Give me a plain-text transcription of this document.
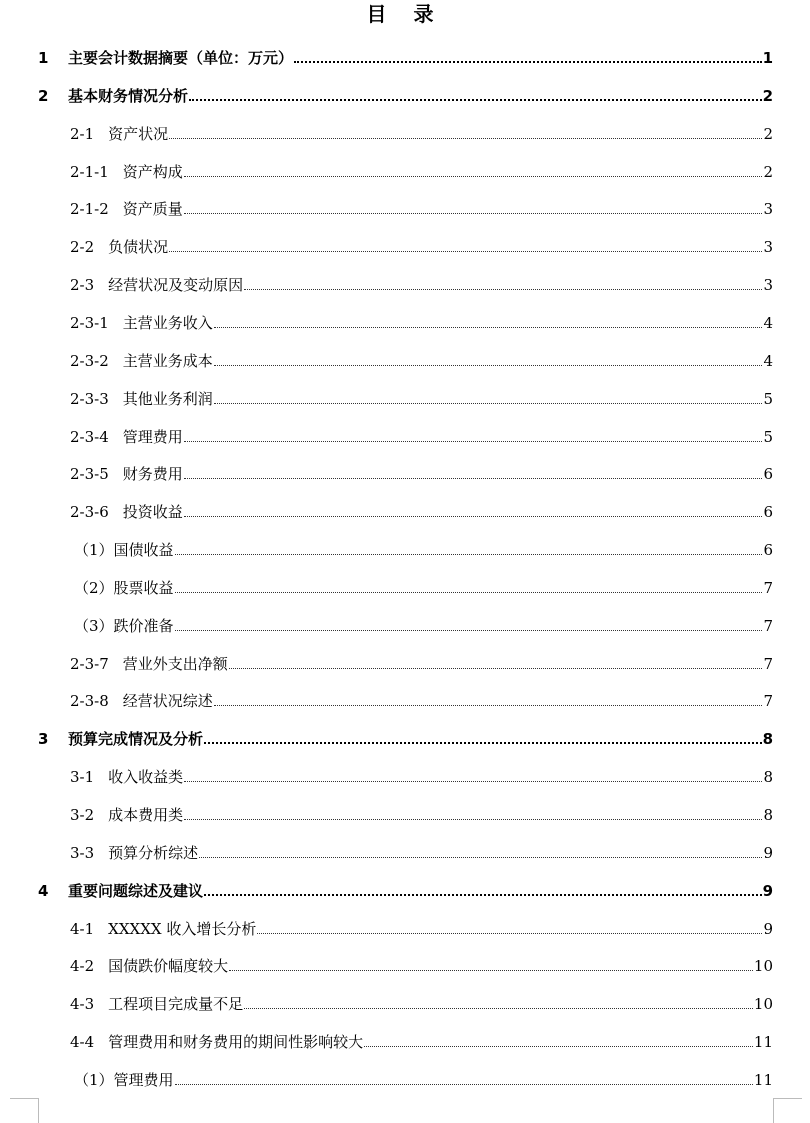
目 录
1 主要会计数据摘要（单位：万元）	1
2 基本财务情况分析	2
2-1 资产状况	2
2-1-1 资产构成	2
2-1-2 资产质量	3
2-2 负债状况	3
2-3 经营状况及变动原因	3
2-3-1 主营业务收入	4
2-3-2 主营业务成本	4
2-3-3 其他业务利润	5
2-3-4 管理费用	5
2-3-5 财务费用	6
2-3-6 投资收益	6
（1）国债收益	6
（2）股票收益	7
（3）跌价准备	7
2-3-7 营业外支出净额	7
2-3-8 经营状况综述	7
3 预算完成情况及分析	8
3-1 收入收益类	8
3-2 成本费用类	8
3-3 预算分析综述	9
4 重要问题综述及建议	9
4-1 XXXXX 收入增长分析	9
4-2 国债跌价幅度较大	10
4-3 工程项目完成量不足	10
4-4 管理费用和财务费用的期间性影响较大	11
（1）管理费用	11
